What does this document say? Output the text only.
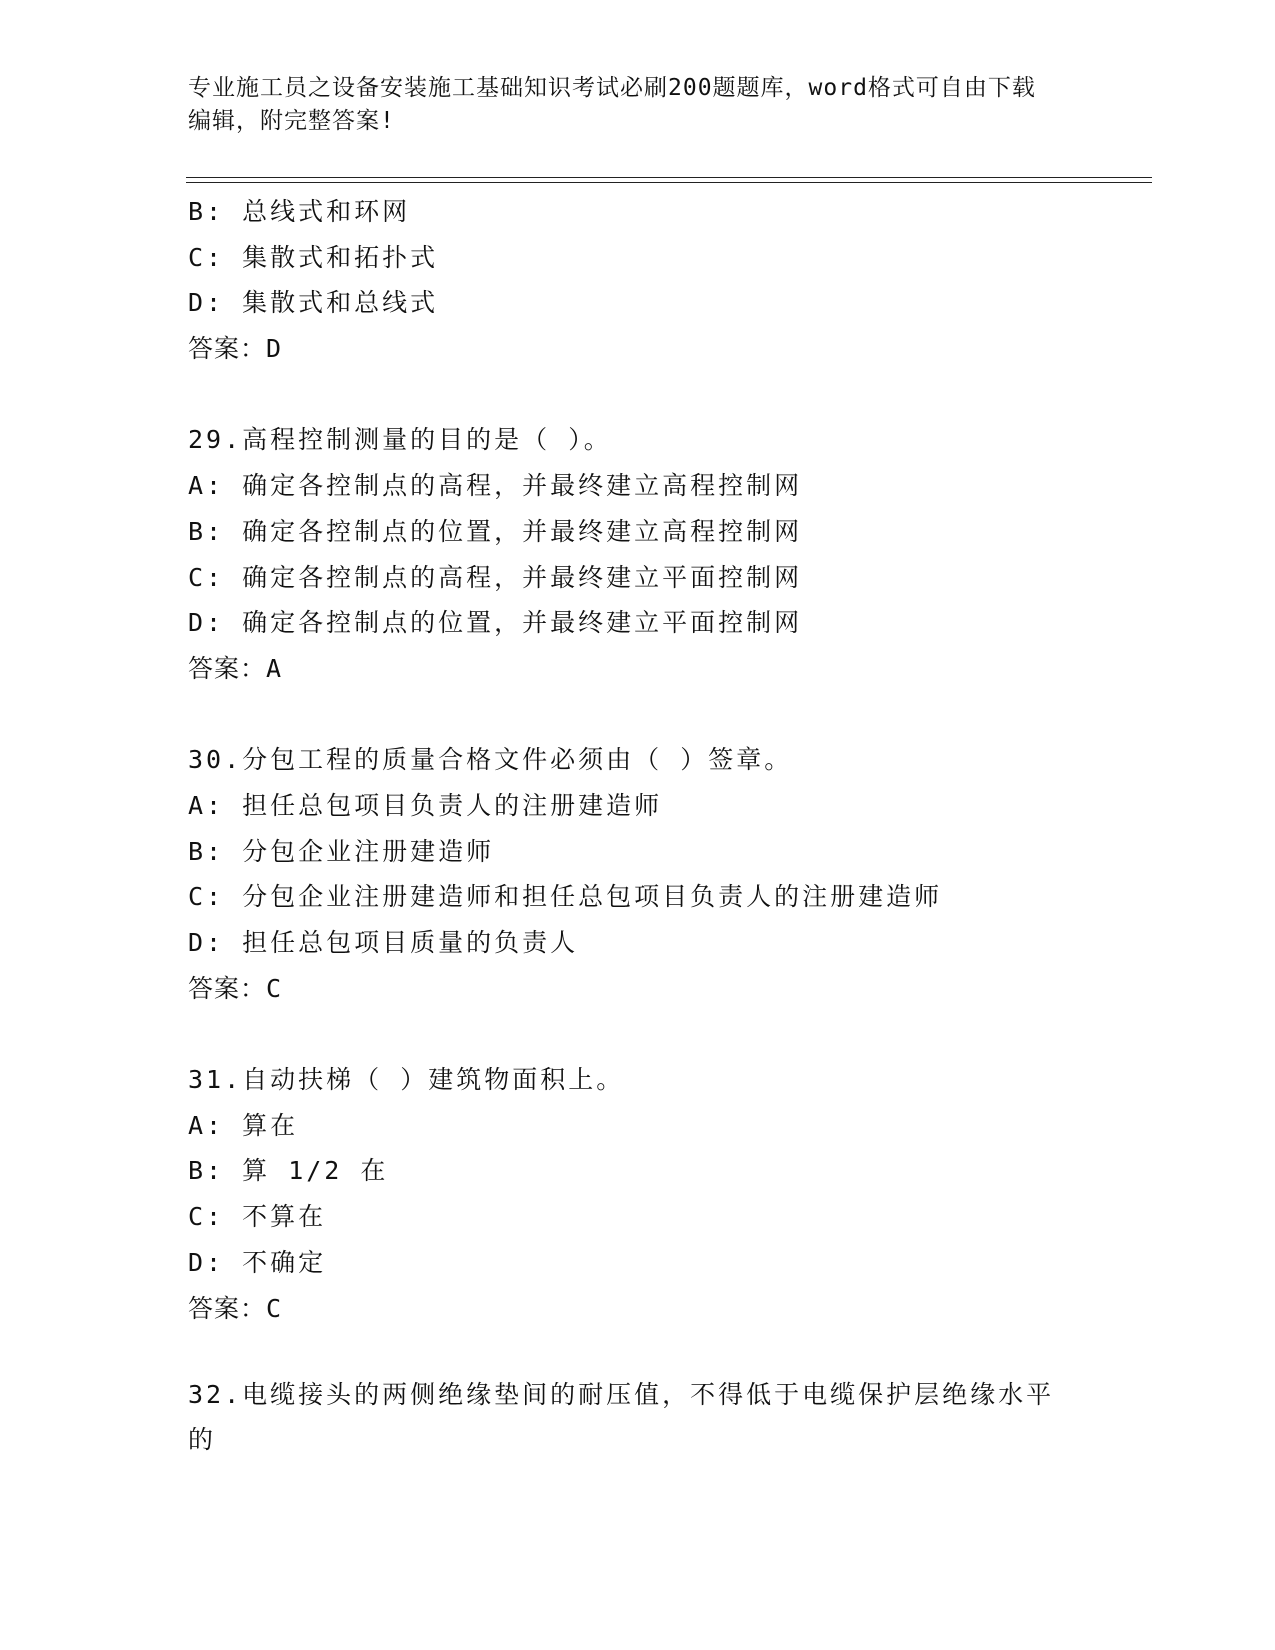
专业施工员之设备安装施工基础知识考试必刷200题题库，word格式可自由下载
编辑，附完整答案!
B: 总线式和环网
C: 集散式和拓扑式
D: 集散式和总线式
答案：D
29.高程控制测量的目的是（ ）。
A: 确定各控制点的高程，并最终建立高程控制网
B: 确定各控制点的位置，并最终建立高程控制网
C: 确定各控制点的高程，并最终建立平面控制网
D: 确定各控制点的位置，并最终建立平面控制网
答案：A
30.分包工程的质量合格文件必须由（ ）签章。
A: 担任总包项目负责人的注册建造师
B: 分包企业注册建造师
C: 分包企业注册建造师和担任总包项目负责人的注册建造师
D: 担任总包项目质量的负责人
答案：C
31.自动扶梯（ ）建筑物面积上。
A: 算在
B: 算 1/2 在
C: 不算在
D: 不确定
答案：C
32.电缆接头的两侧绝缘垫间的耐压值，不得低于电缆保护层绝缘水平
的
